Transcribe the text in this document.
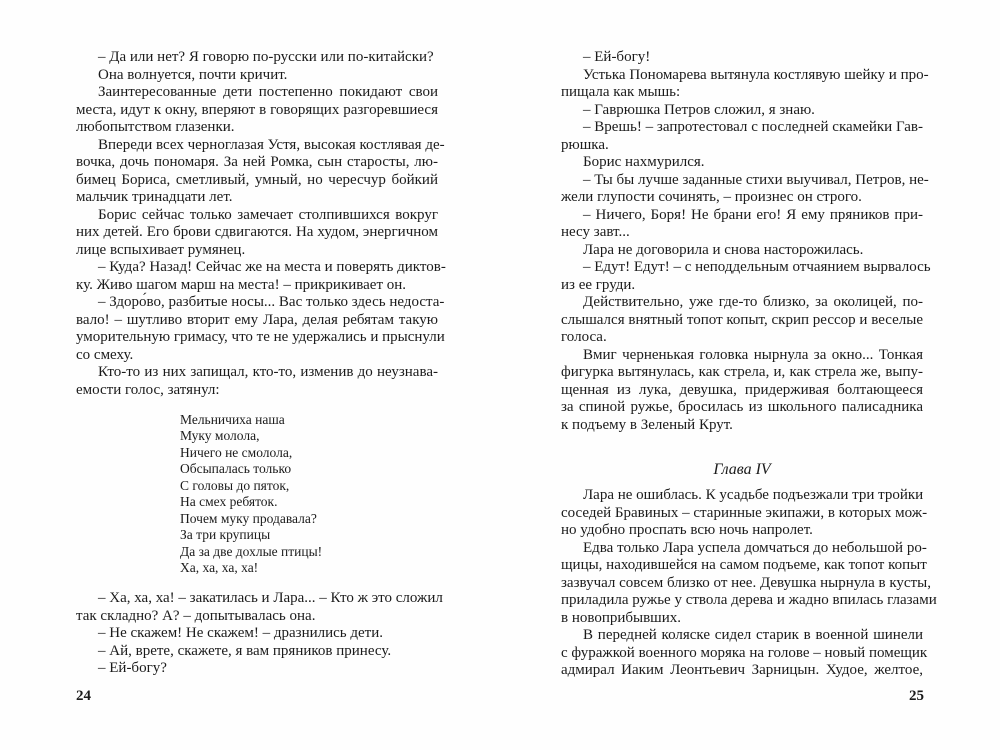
– Да или нет? Я говорю по-русски или по-китайски?
Она волнуется, почти кричит.
Заинтересованные дети постепенно покидают свои
места, идут к окну, вперяют в говорящих разгоревшиеся
любопытством глазенки.
Впереди всех черноглазая Устя, высокая костлявая де-
вочка, дочь пономаря. За ней Ромка, сын старосты, лю-
бимец Бориса, сметливый, умный, но чересчур бойкий
мальчик тринадцати лет.
Борис сейчас только замечает столпившихся вокруг
них детей. Его брови сдвигаются. На худом, энергичном
лице вспыхивает румянец.
– Куда? Назад! Сейчас же на места и поверять диктов-
ку. Живо шагом марш на места! – прикрикивает он.
– Здоро́во, разбитые носы... Вас только здесь недоста-
вало! – шутливо вторит ему Лара, делая ребятам такую
уморительную гримасу, что те не удержались и прыснули
со смеху.
Кто-то из них запищал, кто-то, изменив до неузнава-
емости голос, затянул:
Мельничиха наша
Муку молола,
Ничего не смолола,
Обсыпалась только
С головы до пяток,
На смех ребяток.
Почем муку продавала?
За три крупицы
Да за две дохлые птицы!
Ха, ха, ха, ха!
– Ха, ха, ха! – закатилась и Лара... – Кто ж это сложил
так складно? А? – допытывалась она.
– Не скажем! Не скажем! – дразнились дети.
– Ай, врете, скажете, я вам пряников принесу.
– Ей-богу?
– Ей-богу!
Устька Пономарева вытянула костлявую шейку и про-
пищала как мышь:
– Гаврюшка Петров сложил, я знаю.
– Врешь! – запротестовал с последней скамейки Гав-
рюшка.
Борис нахмурился.
– Ты бы лучше заданные стихи выучивал, Петров, не-
жели глупости сочинять, – произнес он строго.
– Ничего, Боря! Не брани его! Я ему пряников при-
несу завт...
Лара не договорила и снова насторожилась.
– Едут! Едут! – с неподдельным отчаянием вырвалось
из ее груди.
Действительно, уже где-то близко, за околицей, по-
слышался внятный топот копыт, скрип рессор и веселые
голоса.
Вмиг черненькая головка нырнула за окно... Тонкая
фигурка вытянулась, как стрела, и, как стрела же, выпу-
щенная из лука, девушка, придерживая болтающееся
за спиной ружье, бросилась из школьного палисадника
к подъему в Зеленый Крут.
Глава IV
Лара не ошиблась. К усадьбе подъезжали три тройки
соседей Бравиных – старинные экипажи, в которых мож-
но удобно проспать всю ночь напролет.
Едва только Лара успела домчаться до небольшой ро-
щицы, находившейся на самом подъеме, как топот копыт
зазвучал совсем близко от нее. Девушка нырнула в кусты,
приладила ружье у ствола дерева и жадно впилась глазами
в новоприбывших.
В передней коляске сидел старик в военной шинели
с фуражкой военного моряка на голове – новый помещик
адмирал Иаким Леонтьевич Зарницын. Худое, желтое,
24	25
